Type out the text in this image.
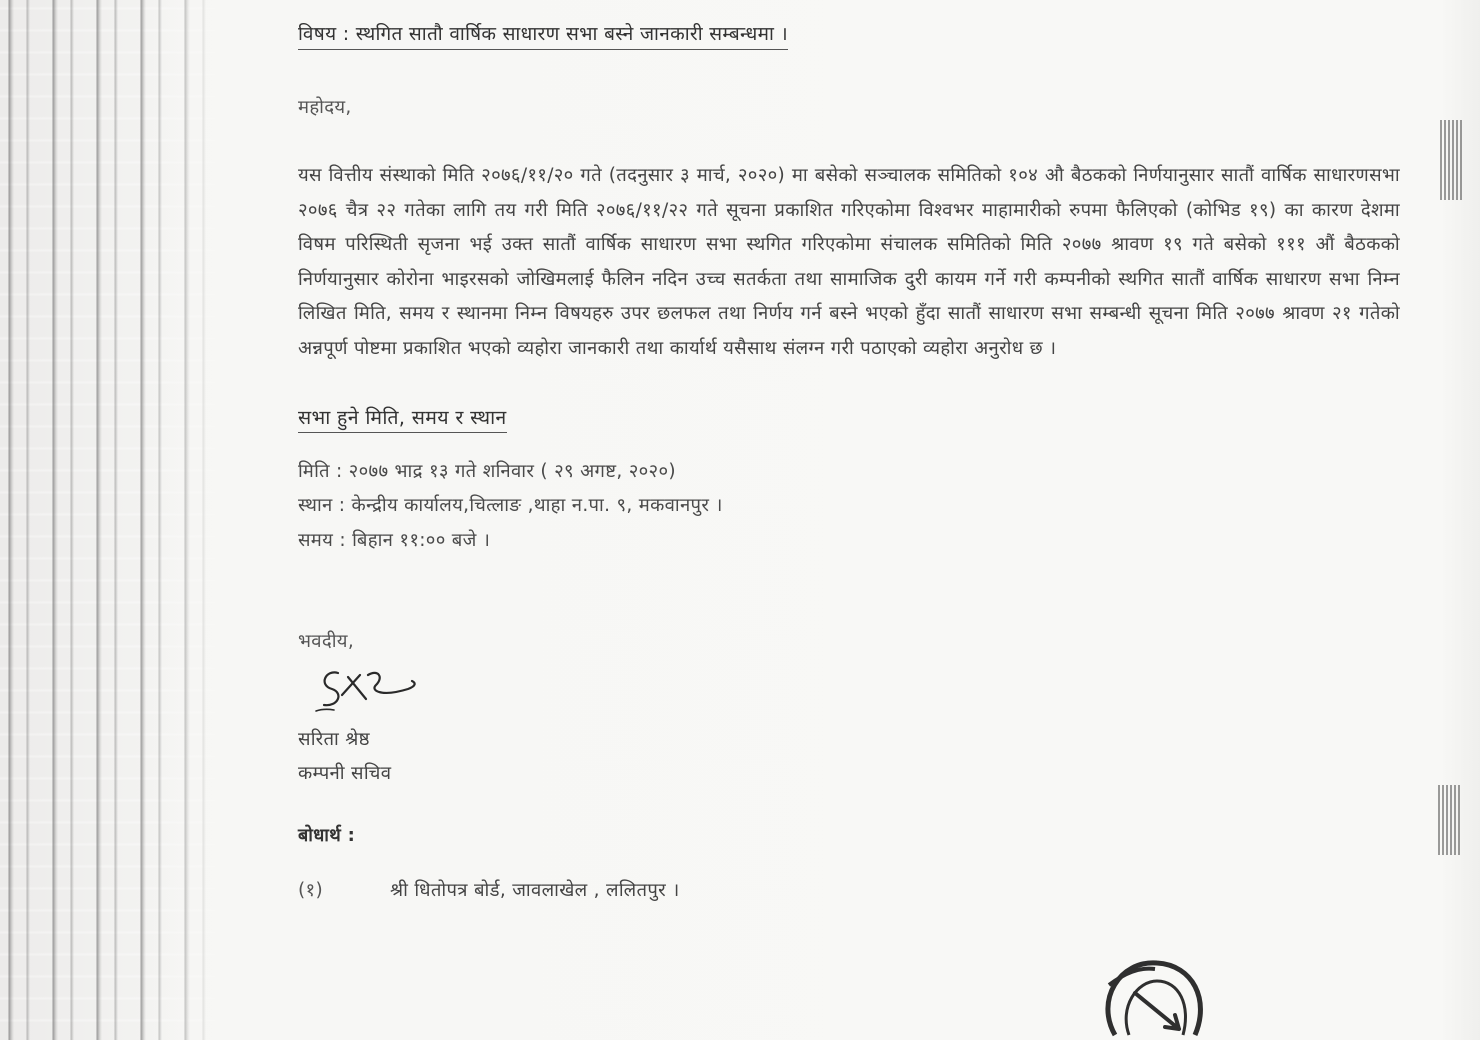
विषय : स्थगित सातौ वार्षिक साधारण सभा बस्ने जानकारी सम्बन्धमा ।
महोदय,
यस वित्तीय संस्थाको मिति २०७६/११/२० गते (तदनुसार ३ मार्च, २०२०) मा बसेको सञ्चालक समितिको १०४ औ बैठकको निर्णयानुसार सातौं वार्षिक साधारणसभा २०७६ चैत्र २२ गतेका लागि तय गरी मिति २०७६/११/२२ गते सूचना प्रकाशित गरिएकोमा विश्वभर माहामारीको रुपमा फैलिएको (कोभिड १९) का कारण देशमा विषम परिस्थिती सृजना भई उक्त सातौं वार्षिक साधारण सभा स्थगित गरिएकोमा संचालक समितिको मिति २०७७ श्रावण १९ गते बसेको १११ औं बैठकको निर्णयानुसार कोरोना भाइरसको जोखिमलाई फैलिन नदिन उच्च सतर्कता तथा सामाजिक दुरी कायम गर्ने गरी कम्पनीको स्थगित सातौं वार्षिक साधारण सभा निम्न लिखित मिति, समय र स्थानमा निम्न विषयहरु उपर छलफल तथा निर्णय गर्न बस्ने भएको हुँदा सातौं साधारण सभा सम्बन्धी सूचना मिति २०७७ श्रावण २१ गतेको अन्नपूर्ण पोष्टमा प्रकाशित भएको व्यहोरा जानकारी तथा कार्यार्थ यसैसाथ संलग्न गरी पठाएको व्यहोरा अनुरोध छ ।
सभा हुने मिति, समय र स्थान
मिति : २०७७ भाद्र १३ गते शनिवार ( २९ अगष्ट, २०२०)
स्थान : केन्द्रीय कार्यालय,चित्लाङ ,थाहा न.पा. ९, मकवानपुर ।
समय : बिहान ११:०० बजे ।
भवदीय,
सरिता श्रेष्ठ
कम्पनी सचिव
बोधार्थ :
(१)	श्री धितोपत्र बोर्ड, जावलाखेल , ललितपुर ।
